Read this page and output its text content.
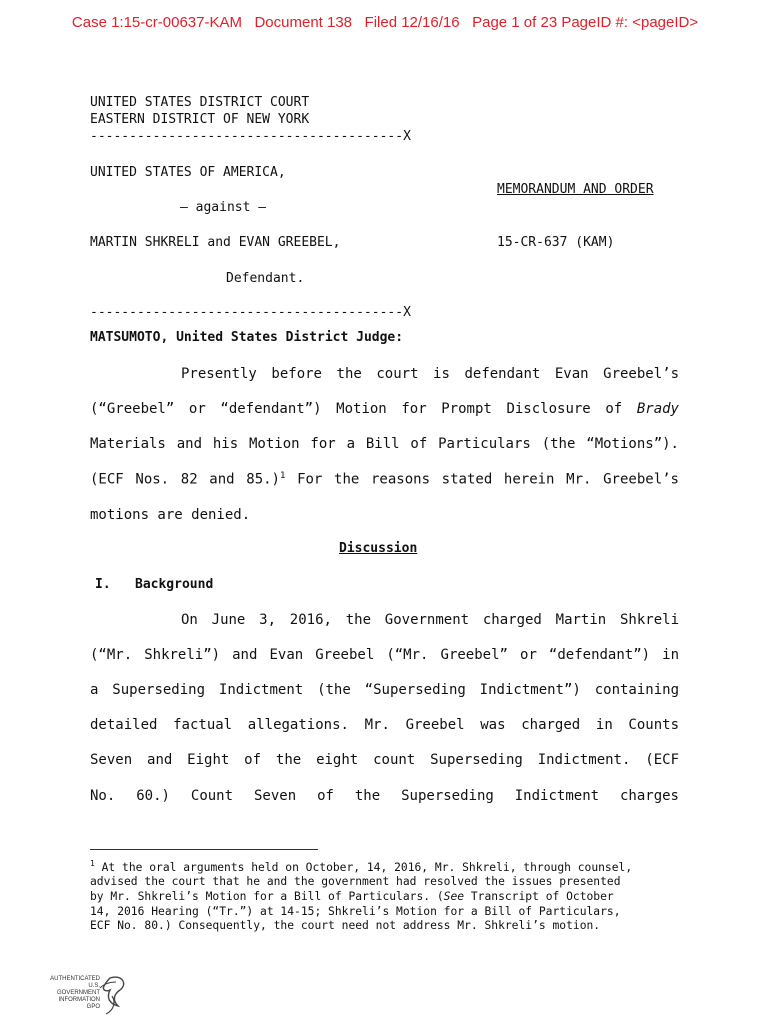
Case 1:15-cr-00637-KAM   Document 138   Filed 12/16/16   Page 1 of 23 PageID #: <pageID>
UNITED STATES DISTRICT COURT
EASTERN DISTRICT OF NEW YORK
----------------------------------------X
UNITED STATES OF AMERICA,
MEMORANDUM AND ORDER
– against –
MARTIN SHKRELI and EVAN GREEBEL,	15-CR-637 (KAM)
Defendant.
----------------------------------------X
MATSUMOTO, United States District Judge:
Presently before the court is defendant Evan Greebel’s
(“Greebel” or “defendant”) Motion for Prompt Disclosure of Brady
Materials and his Motion for a Bill of Particulars (the “Motions”).
(ECF Nos. 82 and 85.)$^1$ For the reasons stated herein Mr. Greebel’s
motions are denied.
Discussion
I. Background
On June 3, 2016, the Government charged Martin Shkreli
(“Mr. Shkreli”) and Evan Greebel (“Mr. Greebel” or “defendant”) in
a Superseding Indictment (the “Superseding Indictment”) containing
detailed factual allegations. Mr. Greebel was charged in Counts
Seven and Eight of the eight count Superseding Indictment. (ECF
No. 60.) Count Seven of the Superseding Indictment charges
$^1$ At the oral arguments held on October, 14, 2016, Mr. Shkreli, through counsel,
advised the court that he and the government had resolved the issues presented
by Mr. Shkreli’s Motion for a Bill of Particulars. (See Transcript of October
14, 2016 Hearing (“Tr.”) at 14-15; Shkreli’s Motion for a Bill of Particulars,
ECF No. 80.) Consequently, the court need not address Mr. Shkreli’s motion.
AUTHENTICATED
U.S. GOVERNMENT
INFORMATION
GPO
